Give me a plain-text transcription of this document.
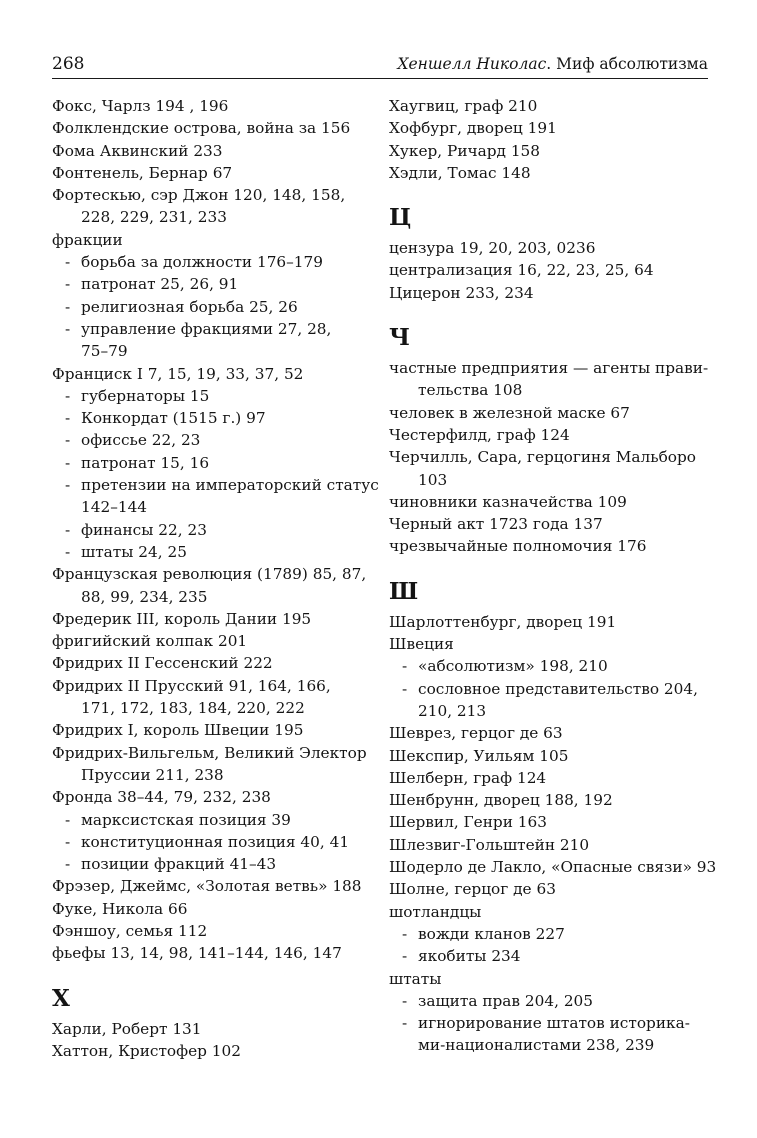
268	Хеншелл Николас. Миф абсолютизма
Фокс, Чарлз 194 , 196
Фолклендские острова, война за 156
Фома Аквинский 233
Фонтенель, Бернар 67
Фортескью, сэр Джон 120, 148, 158,
228, 229, 231, 233
фракции
- борьба за должности 176–179
- патронат 25, 26, 91
- религиозная борьба 25, 26
- управление фракциями 27, 28,
75–79
Франциск I 7, 15, 19, 33, 37, 52
- губернаторы 15
- Конкордат (1515 г.) 97
- офиссье 22, 23
- патронат 15, 16
- претензии на императорский статус
142–144
- финансы 22, 23
- штаты 24, 25
Французская революция (1789) 85, 87,
88, 99, 234, 235
Фредерик III, король Дании 195
фригийский колпак 201
Фридрих II Гессенский 222
Фридрих II Прусский 91, 164, 166,
171, 172, 183, 184, 220, 222
Фридрих I, король Швеции 195
Фридрих-Вильгельм, Великий Электор
Пруссии 211, 238
Фронда 38–44, 79, 232, 238
- марксистская позиция 39
- конституционная позиция 40, 41
- позиции фракций 41–43
Фрэзер, Джеймс, «Золотая ветвь» 188
Фуке, Никола 66
Фэншоу, семья 112
фьефы 13, 14, 98, 141–144, 146, 147
Х
Харли, Роберт 131
Хаттон, Кристофер 102
Хаугвиц, граф 210
Хофбург, дворец 191
Хукер, Ричард 158
Хэдли, Томас 148
Ц
цензура 19, 20, 203, 0236
централизация 16, 22, 23, 25, 64
Цицерон 233, 234
Ч
частные предприятия — агенты прави-
тельства 108
человек в железной маске 67
Честерфилд, граф 124
Черчилль, Сара, герцогиня Мальборо
103
чиновники казначейства 109
Черный акт 1723 года 137
чрезвычайные полномочия 176
Ш
Шарлоттенбург, дворец 191
Швеция
- «абсолютизм» 198, 210
- сословное представительство 204,
210, 213
Шеврез, герцог де 63
Шекспир, Уильям 105
Шелберн, граф 124
Шенбрунн, дворец 188, 192
Шервил, Генри 163
Шлезвиг-Гольштейн 210
Шодерло де Лакло, «Опасные связи» 93
Шолне, герцог де 63
шотландцы
- вожди кланов 227
- якобиты 234
штаты
- защита прав 204, 205
- игнорирование штатов историка-
ми-националистами 238, 239
